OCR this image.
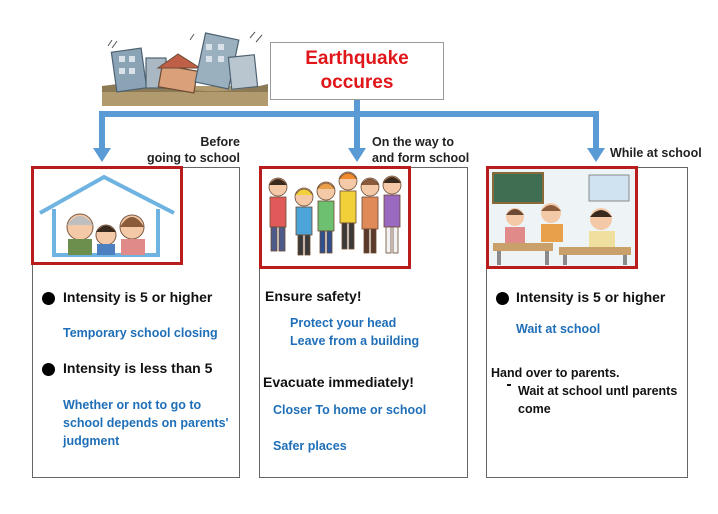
Earthquake
occures
Before
going to school
On the way to
and form school	While at school
Intensity is 5 or higher
Temporary school closing
Intensity is less than 5
Whether or not to go to
school depends on parents'
judgment
Ensure safety!
Protect your head
Leave from a building
Evacuate immediately!
Closer To home or school
Safer places
Intensity is 5 or higher
Wait at school
Hand over to parents.
Wait at school untl parents
come
